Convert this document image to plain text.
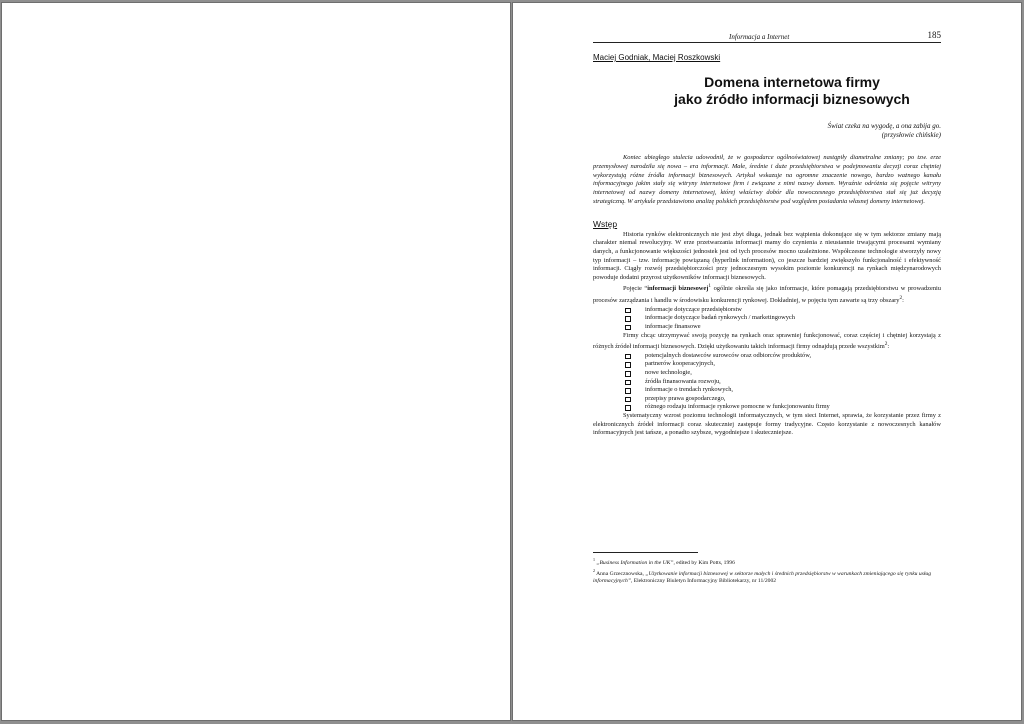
Informacja a Internet	185
Maciej Godniak, Maciej Roszkowski
Domena internetowa firmy
jako źródło informacji biznesowych
Świat czeka na wygodę, a ona zabija go.
(przysłowie chińskie)

Koniec ubiegłego stulecia udowodnił, że w gospodarce ogólnoświatowej nastąpiły diametralne zmiany; po tzw. erze przemysłowej narodziła się nowa – era informacji. Małe, średnie i duże przedsiębiorstwa w podejmowaniu decyzji coraz chętniej wykorzystują różne źródła informacji biznesowych. Artykuł wskazuje na ogromne znaczenie nowego, bardzo ważnego kanału informacyjnego jakim stały się witryny internetowe firm i związane z nimi nazwy domen. Wyraźnie odróżnia się pojęcie witryny internetowej od nazwy domeny internetowej, której właściwy dobór dla nowoczesnego przedsiębiorstwa stał się już decyzją strategiczną. W artykule przedstawiono analizę polskich przedsiębiorstw pod względem posiadania własnej domeny internetowej.

Wstęp

Historia rynków elektronicznych nie jest zbyt długa, jednak bez wątpienia dokonujące się w tym sektorze zmiany mają charakter niemal rewolucyjny. W erze przetwarzania informacji mamy do czynienia z nieustannie trwającymi procesami wymiany danych, a funkcjonowanie większości jednostek jest od tych procesów mocno uzależnione. Współczesne technologie stworzyły nowy typ informacji – tzw. informację powiązaną (hyperlink information), co jeszcze bardziej zwiększyło funkcjonalność i efektywność informacji. Ciągły rozwój przedsiębiorczości przy jednoczesnym wysokim poziomie konkurencji na rynkach międzynarodowych powoduje dodatni przyrost użytkowników informacji biznesowych.

Pojęcie “informacji biznesowej$^1$ ogólnie określa się jako informacje, które pomagają przedsiębiorstwu w prowadzeniu procesów zarządzania i handlu w środowisku konkurencji rynkowej. Dokładniej, w pojęciu tym zawarte są trzy obszary$^2$:

informacje dotyczące przedsiębiorstw
informacje dotyczące badań rynkowych / marketingowych
informacje finansowe

Firmy chcąc utrzymywać swoją pozycję na rynkach oraz sprawniej funkcjonować, coraz częściej i chętniej korzystają z różnych źródeł informacji biznesowych. Dzięki użytkowaniu takich informacji firmy odnajdują przede wszystkim$^2$:

potencjalnych dostawców surowców oraz odbiorców produktów,
partnerów kooperacyjnych,
nowe technologie,
źródła finansowania rozwoju,
informacje o trendach rynkowych,
przepisy prawa gospodarczego,
różnego rodzaju informacje rynkowe pomocne w funkcjonowaniu firmy

Systematyczny wzrost poziomu technologii informatycznych, w tym sieci Internet, sprawia, że korzystanie przez firmy z elektronicznych źródeł informacji coraz skuteczniej zastępuje formy tradycyjne. Często korzystanie z nowoczesnych kanałów informacyjnych jest tańsze, a ponadto szybsze, wygodniejsze i skuteczniejsze.

$^1$ „Business Information in the UK”, edited by Kim Potts, 1996

$^2$ Anna Grzecznowska, „Użytkowanie informacji biznesowej w sektorze małych i średnich przedsiębiorstw w warunkach zmieniającego się rynku usług informacyjnych”, Elektroniczny Biuletyn Informacyjny Bibliotekarzy, nr 11/2002
